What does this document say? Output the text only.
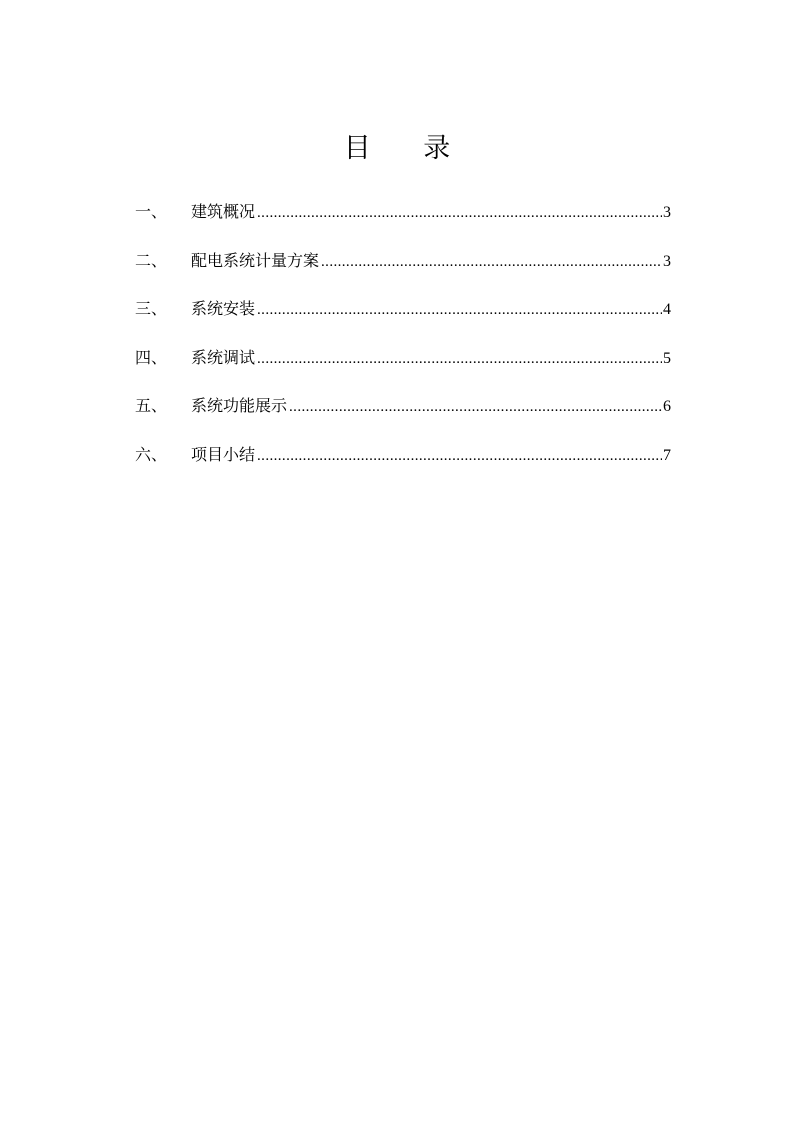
目 录
一、	建筑概况 .....	3
二、	配电系统计量方案 .....	3
三、	系统安装 .....	4
四、	系统调试 .....	5
五、	系统功能展示 .....	6
六、	项目小结 .....	7
